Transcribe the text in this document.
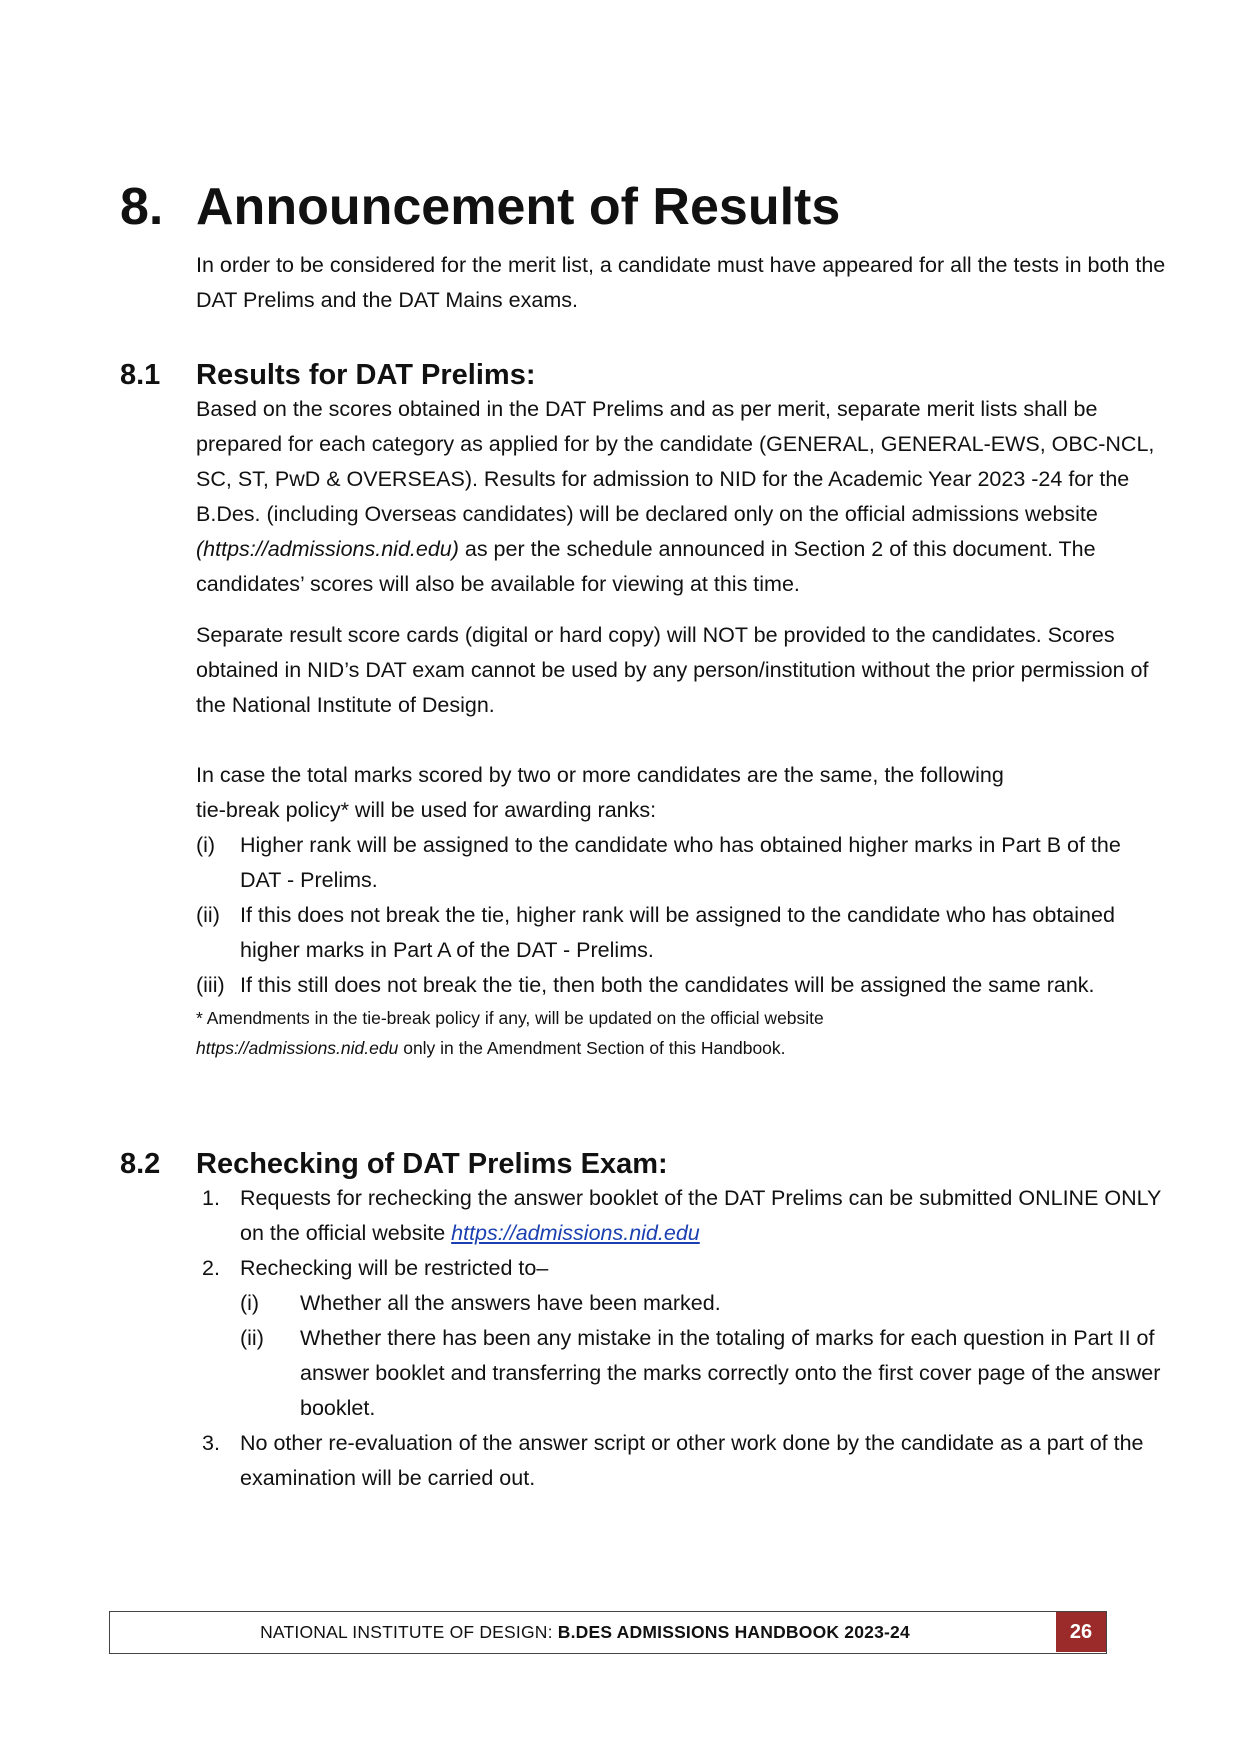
8. Announcement of Results

In order to be considered for the merit list, a candidate must have appeared for all the tests in both the DAT Prelims and the DAT Mains exams.

8.1 Results for DAT Prelims:

Based on the scores obtained in the DAT Prelims and as per merit, separate merit lists shall be prepared for each category as applied for by the candidate (GENERAL, GENERAL-EWS, OBC-NCL, SC, ST, PwD & OVERSEAS). Results for admission to NID for the Academic Year 2023 -24 for the B.Des. (including Overseas candidates) will be declared only on the official admissions website (https://admissions.nid.edu) as per the schedule announced in Section 2 of this document. The candidates’ scores will also be available for viewing at this time.

Separate result score cards (digital or hard copy) will NOT be provided to the candidates. Scores obtained in NID’s DAT exam cannot be used by any person/institution without the prior permission of the National Institute of Design.

In case the total marks scored by two or more candidates are the same, the following
tie-break policy* will be used for awarding ranks:

(i) Higher rank will be assigned to the candidate who has obtained higher marks in Part B of the DAT - Prelims.
(ii) If this does not break the tie, higher rank will be assigned to the candidate who has obtained higher marks in Part A of the DAT - Prelims.
(iii) If this still does not break the tie, then both the candidates will be assigned the same rank.

* Amendments in the tie-break policy if any, will be updated on the official website
https://admissions.nid.edu only in the Amendment Section of this Handbook.

8.2 Rechecking of DAT Prelims Exam:
1. Requests for rechecking the answer booklet of the DAT Prelims can be submitted ONLINE ONLY on the official website https://admissions.nid.edu
2. Rechecking will be restricted to–
(i) Whether all the answers have been marked.
(ii) Whether there has been any mistake in the totaling of marks for each question in Part II of answer booklet and transferring the marks correctly onto the first cover page of the answer booklet.
3. No other re-evaluation of the answer script or other work done by the candidate as a part of the examination will be carried out.
NATIONAL INSTITUTE OF DESIGN: B.DES ADMISSIONS HANDBOOK 2023-24	26
